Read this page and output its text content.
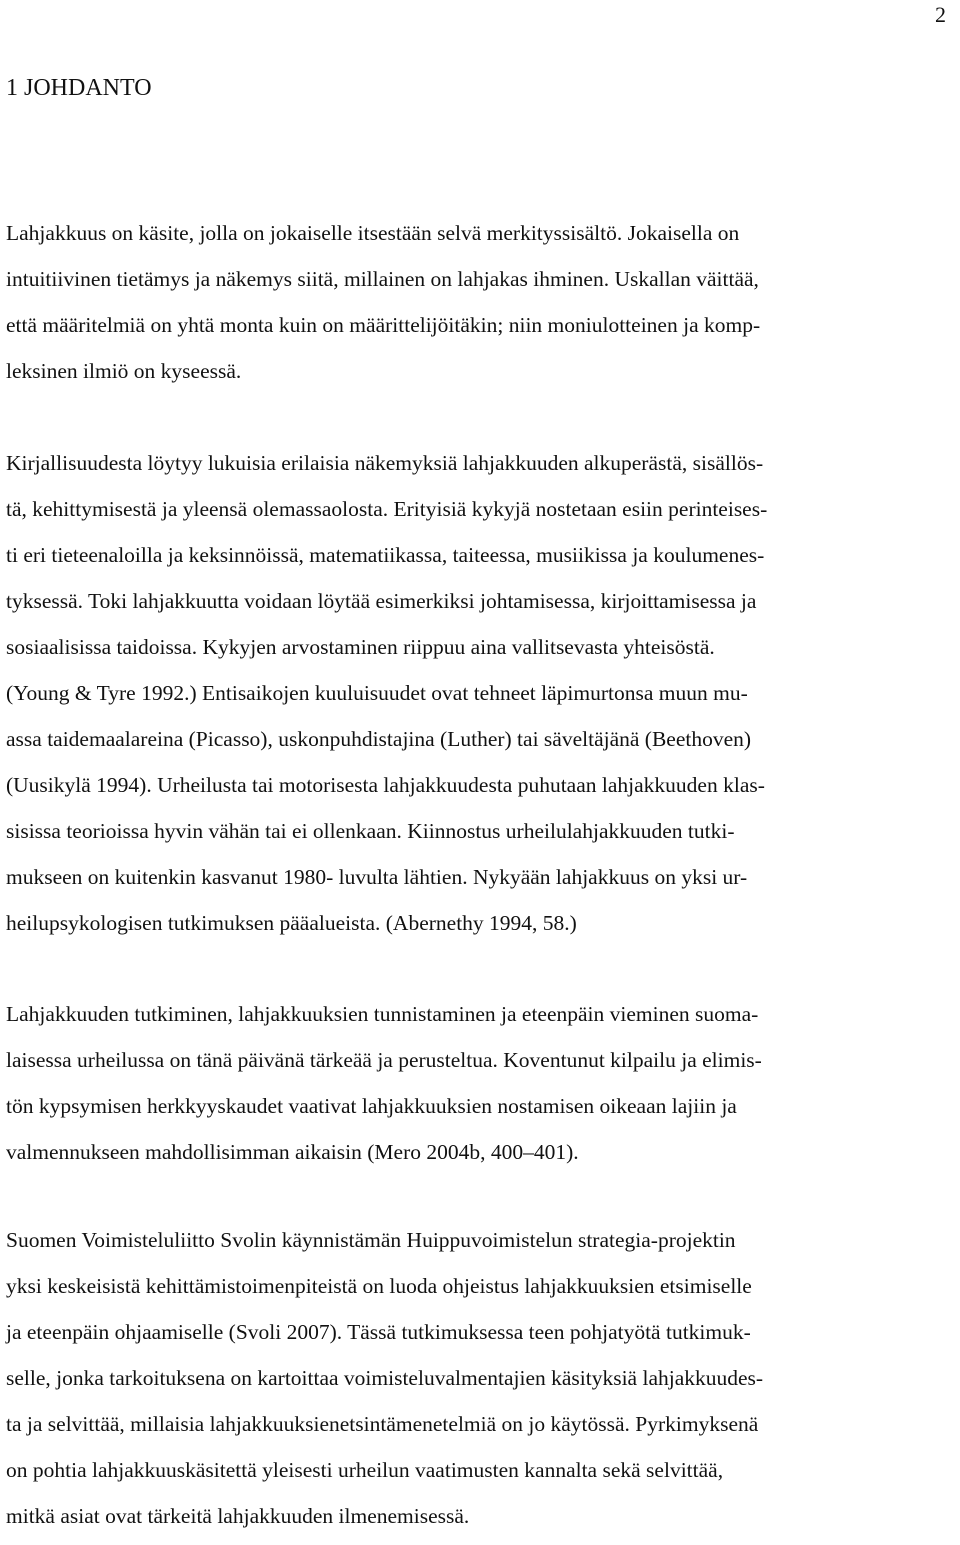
2
1 JOHDANTO

Lahjakkuus on käsite, jolla on jokaiselle itsestään selvä merkityssisältö. Jokaisella on
intuitiivinen tietämys ja näkemys siitä, millainen on lahjakas ihminen. Uskallan väittää,
että määritelmiä on yhtä monta kuin on määrittelijöitäkin; niin moniulotteinen ja komp-
leksinen ilmiö on kyseessä.

Kirjallisuudesta löytyy lukuisia erilaisia näkemyksiä lahjakkuuden alkuperästä, sisällös-
tä, kehittymisestä ja yleensä olemassaolosta. Erityisiä kykyjä nostetaan esiin perinteises-
ti eri tieteenaloilla ja keksinnöissä, matematiikassa, taiteessa, musiikissa ja koulumenes-
tyksessä. Toki lahjakkuutta voidaan löytää esimerkiksi johtamisessa, kirjoittamisessa ja
sosiaalisissa taidoissa. Kykyjen arvostaminen riippuu aina vallitsevasta yhteisöstä.
(Young & Tyre 1992.) Entisaikojen kuuluisuudet ovat tehneet läpimurtonsa muun mu-
assa taidemaalareina (Picasso), uskonpuhdistajina (Luther) tai säveltäjänä (Beethoven)
(Uusikylä 1994). Urheilusta tai motorisesta lahjakkuudesta puhutaan lahjakkuuden klas-
sisissa teorioissa hyvin vähän tai ei ollenkaan. Kiinnostus urheilulahjakkuuden tutki-
mukseen on kuitenkin kasvanut 1980- luvulta lähtien. Nykyään lahjakkuus on yksi ur-
heilupsykologisen tutkimuksen pääalueista. (Abernethy 1994, 58.)

Lahjakkuuden tutkiminen, lahjakkuuksien tunnistaminen ja eteenpäin vieminen suoma-
laisessa urheilussa on tänä päivänä tärkeää ja perusteltua. Koventunut kilpailu ja elimis-
tön kypsymisen herkkyyskaudet vaativat lahjakkuuksien nostamisen oikeaan lajiin ja
valmennukseen mahdollisimman aikaisin (Mero 2004b, 400–401).

Suomen Voimisteluliitto Svolin käynnistämän Huippuvoimistelun strategia-projektin
yksi keskeisistä kehittämistoimenpiteistä on luoda ohjeistus lahjakkuuksien etsimiselle
ja eteenpäin ohjaamiselle (Svoli 2007). Tässä tutkimuksessa teen pohjatyötä tutkimuk-
selle, jonka tarkoituksena on kartoittaa voimisteluvalmentajien käsityksiä lahjakkuudes-
ta ja selvittää, millaisia lahjakkuuksienetsintämenetelmiä on jo käytössä. Pyrkimyksenä
on pohtia lahjakkuuskäsitettä yleisesti urheilun vaatimusten kannalta sekä selvittää,
mitkä asiat ovat tärkeitä lahjakkuuden ilmenemisessä.
